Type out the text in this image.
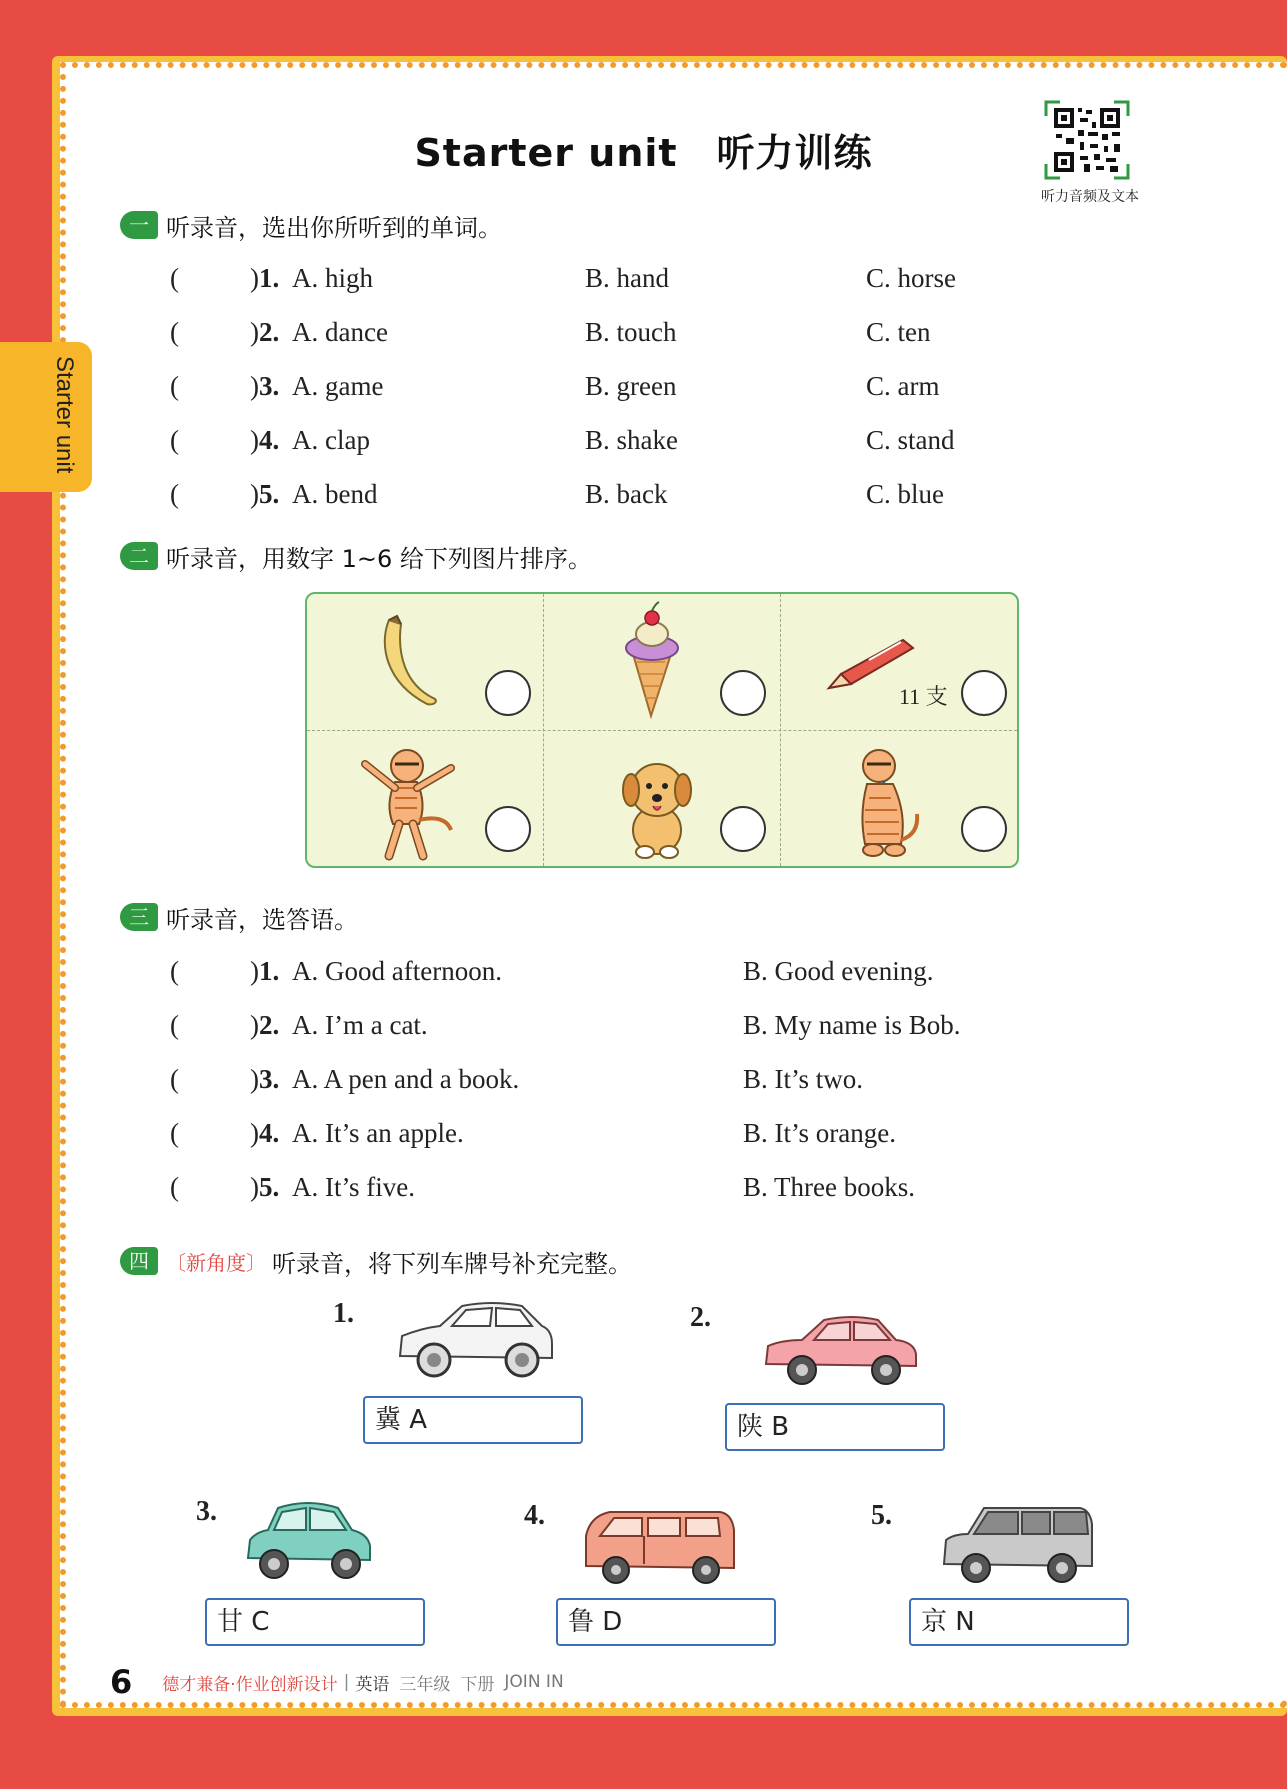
Starter unit
Starter unit　听力训练
听力音频及文本
一 听录音，选出你所听到的单词。
(	)1. A. high	B. hand	C. horse
(	)2. A. dance	B. touch	C. ten
(	)3. A. game	B. green	C. arm
(	)4. A. clap	B. shake	C. stand
(	)5. A. bend	B. back	C. blue
二 听录音，用数字 1~6 给下列图片排序。
11 支
三 听录音，选答语。
(	)1. A. Good afternoon.	B. Good evening.
(	)2. A. I’m a cat.	B. My name is Bob.
(	)3. A. A pen and a book.	B. It’s two.
(	)4. A. It’s an apple.	B. It’s orange.
(	)5. A. It’s five.	B. Three books.
四 〔新角度〕 听录音，将下列车牌号补充完整。
1.
冀 A
2.
陕 B
3.
甘 C
4.
鲁 D
5.
京 N
6 德才兼备·作业创新设计 | 英语 三年级 下册 JOIN IN
